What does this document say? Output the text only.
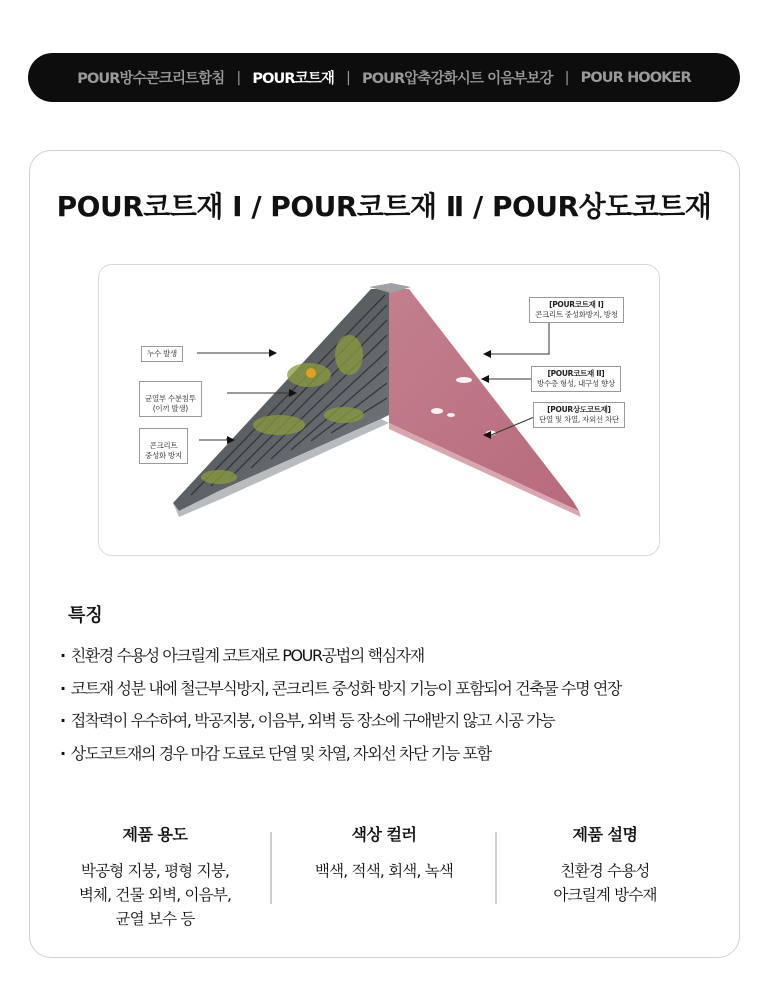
POUR방수콘크리트함침 | POUR코트재 | POUR압축강화시트 이음부보강 | POUR HOOKER
POUR코트재 Ⅰ / POUR코트재 Ⅱ / POUR상도코트재
누수 발생

균열부 수분침투
(이끼 발생)

콘크리트
중성화 방지

[POUR코트재 I]
콘크리트 중성화방지, 방청
[POUR코트재 II]
방수층 형성, 내구성 향상
[POUR상도코트재]
단열 및 차열, 자외선 차단
특징
· 친환경 수용성 아크릴계 코트재로 POUR공법의 핵심자재
· 코트재 성분 내에 철근부식방지, 콘크리트 중성화 방지 기능이 포함되어 건축물 수명 연장
· 접착력이 우수하여, 박공지붕, 이음부, 외벽 등 장소에 구애받지 않고 시공 가능
· 상도코트재의 경우 마감 도료로 단열 및 차열, 자외선 차단 기능 포함
제품 용도
박공형 지붕, 평형 지붕,
벽체, 건물 외벽, 이음부,
균열 보수 등
색상 컬러
백색, 적색, 회색, 녹색
제품 설명
친환경 수용성
아크릴계 방수재
